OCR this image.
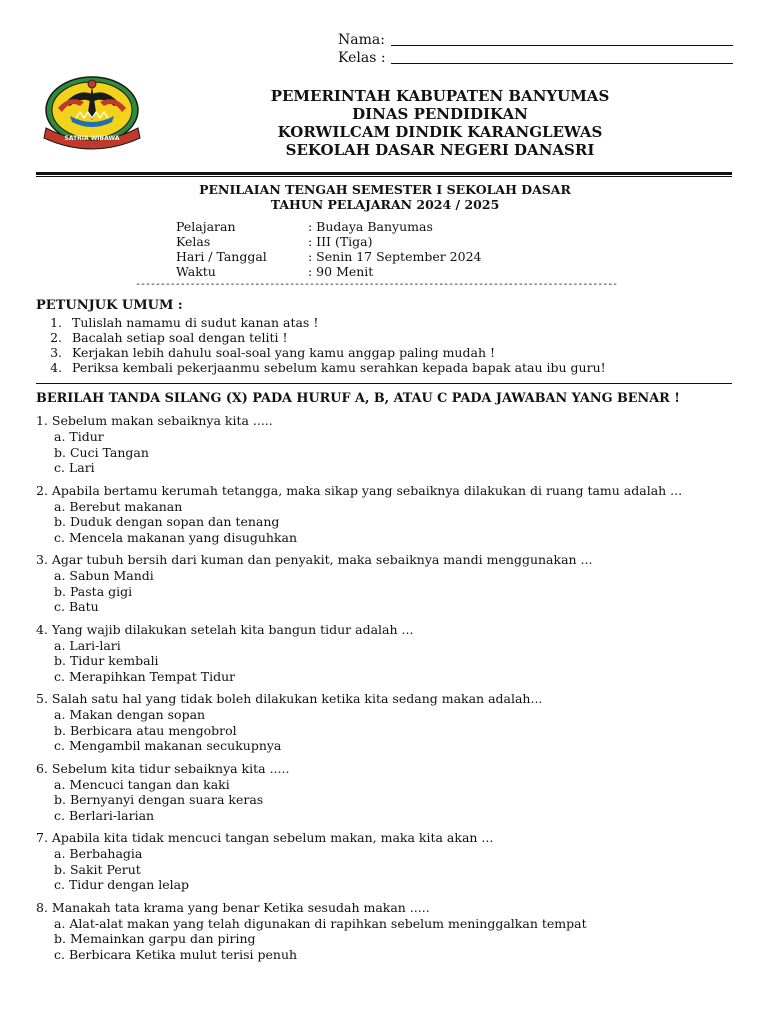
Nama:
Kelas :
SATRIA WIBAWA
PEMERINTAH KABUPATEN BANYUMAS
DINAS PENDIDIKAN
KORWILCAM DINDIK KARANGLEWAS
SEKOLAH DASAR NEGERI DANASRI
PENILAIAN TENGAH SEMESTER I SEKOLAH DASAR
TAHUN PELAJARAN 2024 / 2025
Pelajaran	: Budaya Banyumas
Kelas	: III (Tiga)
Hari / Tanggal	: Senin 17 September 2024
Waktu	: 90 Menit
-------------------------------------------------------------------------------------------------
PETUNJUK UMUM :
1. Tulislah namamu di sudut kanan atas !
2. Bacalah setiap soal dengan teliti !
3. Kerjakan lebih dahulu soal-soal yang kamu anggap paling mudah !
4. Periksa kembali pekerjaanmu sebelum kamu serahkan kepada bapak atau ibu guru!
BERILAH TANDA SILANG (X) PADA HURUF A, B, ATAU C PADA JAWABAN YANG BENAR !
1. Sebelum makan sebaiknya kita .....
a. Tidur
b. Cuci Tangan
c. Lari
2. Apabila bertamu kerumah tetangga, maka sikap yang sebaiknya dilakukan di ruang tamu adalah ...
a. Berebut makanan
b. Duduk dengan sopan dan tenang
c. Mencela makanan yang disuguhkan
3. Agar tubuh bersih dari kuman dan penyakit, maka sebaiknya mandi menggunakan ...
a. Sabun Mandi
b. Pasta gigi
c. Batu
4. Yang wajib dilakukan setelah kita bangun tidur adalah ...
a. Lari-lari
b. Tidur kembali
c. Merapihkan Tempat Tidur
5. Salah satu hal yang tidak boleh dilakukan ketika kita sedang makan adalah...
a. Makan dengan sopan
b. Berbicara atau mengobrol
c. Mengambil makanan secukupnya
6. Sebelum kita tidur sebaiknya kita .....
a. Mencuci tangan dan kaki
b. Bernyanyi dengan suara keras
c. Berlari-larian
7. Apabila kita tidak mencuci tangan sebelum makan, maka kita akan ...
a. Berbahagia
b. Sakit Perut
c. Tidur dengan lelap
8. Manakah tata krama yang benar Ketika sesudah makan .....
a. Alat-alat makan yang telah digunakan di rapihkan sebelum meninggalkan tempat
b. Memainkan garpu dan piring
c. Berbicara Ketika mulut terisi penuh
